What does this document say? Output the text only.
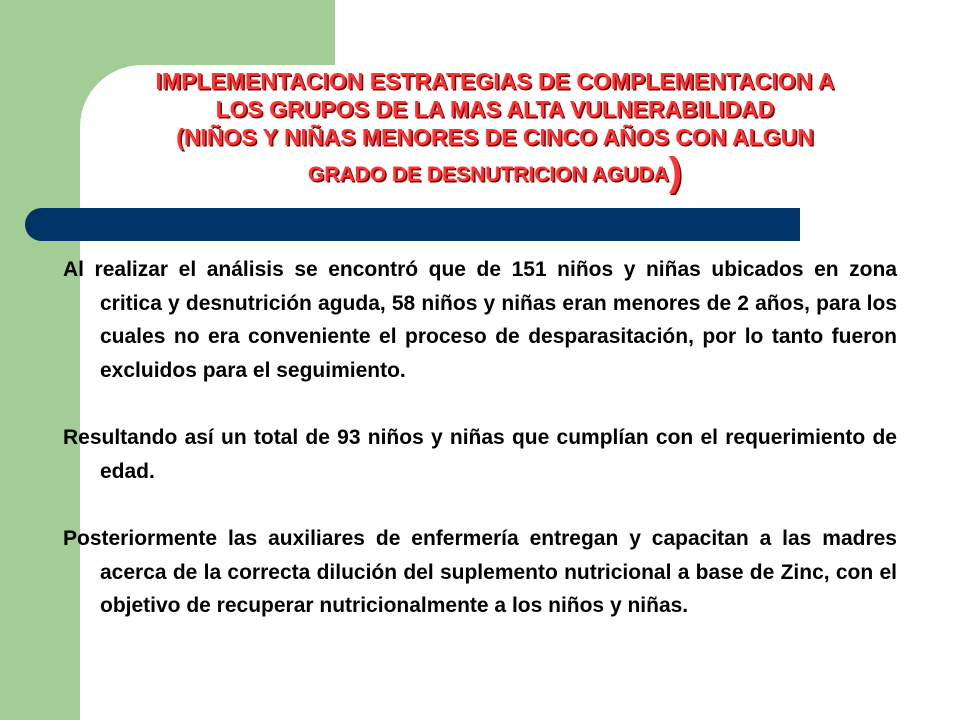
IMPLEMENTACION ESTRATEGIAS DE COMPLEMENTACION A
LOS GRUPOS DE LA MAS ALTA VULNERABILIDAD
(NIÑOS Y NIÑAS MENORES DE CINCO AÑOS CON ALGUN
GRADO DE DESNUTRICION AGUDA)

Al realizar el análisis se encontró que de 151 niños y niñas ubicados en zona critica y desnutrición aguda, 58 niños y niñas eran menores de 2 años, para los cuales no era conveniente el proceso de desparasitación, por lo tanto fueron excluidos para el seguimiento.

Resultando así un total de 93 niños y niñas que cumplían con el requerimiento de edad.

Posteriormente las auxiliares de enfermería entregan y capacitan a las madres acerca de la correcta dilución del suplemento nutricional a base de Zinc, con el objetivo de recuperar nutricionalmente a los niños y niñas.
